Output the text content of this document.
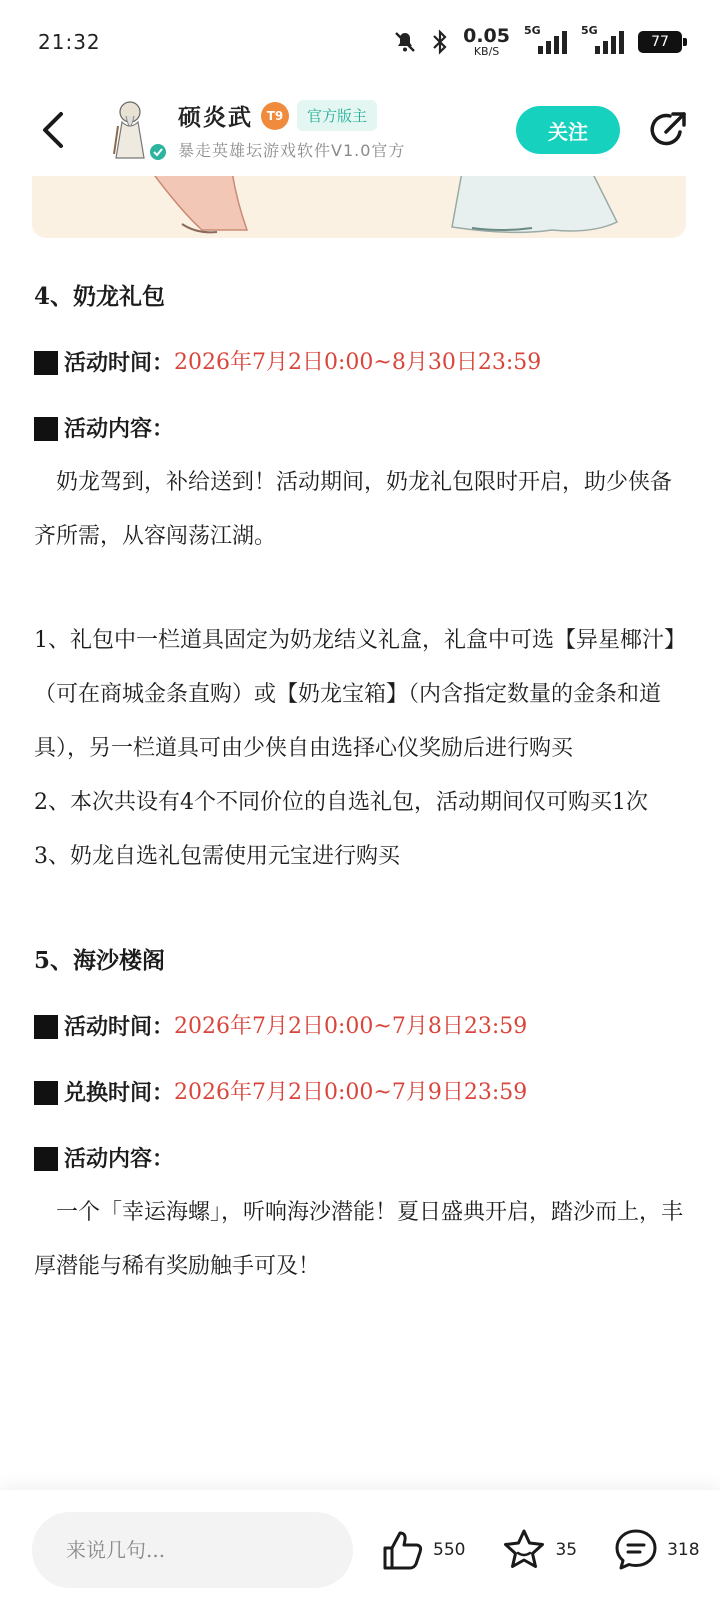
21:32	0.05
KB/S
5G	5G
77
硕炎武	T9	官方版主
暴走英雄坛游戏软件V1.0官方
关注

4、奶龙礼包

活动时间： 2026年7月2日0:00~8月30日23:59
活动内容：

　奶龙驾到，补给送到！活动期间，奶龙礼包限时开启，助少侠备齐所需，从容闯荡江湖。

1、礼包中一栏道具固定为奶龙结义礼盒，礼盒中可选【异星椰汁】（可在商城金条直购）或【奶龙宝箱】（内含指定数量的金条和道具），另一栏道具可由少侠自由选择心仪奖励后进行购买

2、本次共设有4个不同价位的自选礼包，活动期间仅可购买1次

3、奶龙自选礼包需使用元宝进行购买

5、海沙楼阁

活动时间： 2026年7月2日0:00~7月8日23:59
兑换时间： 2026年7月2日0:00~7月9日23:59
活动内容：

　一个「幸运海螺」，听响海沙潜能！夏日盛典开启，踏沙而上，丰厚潜能与稀有奖励触手可及！

来说几句...
550	35	318
